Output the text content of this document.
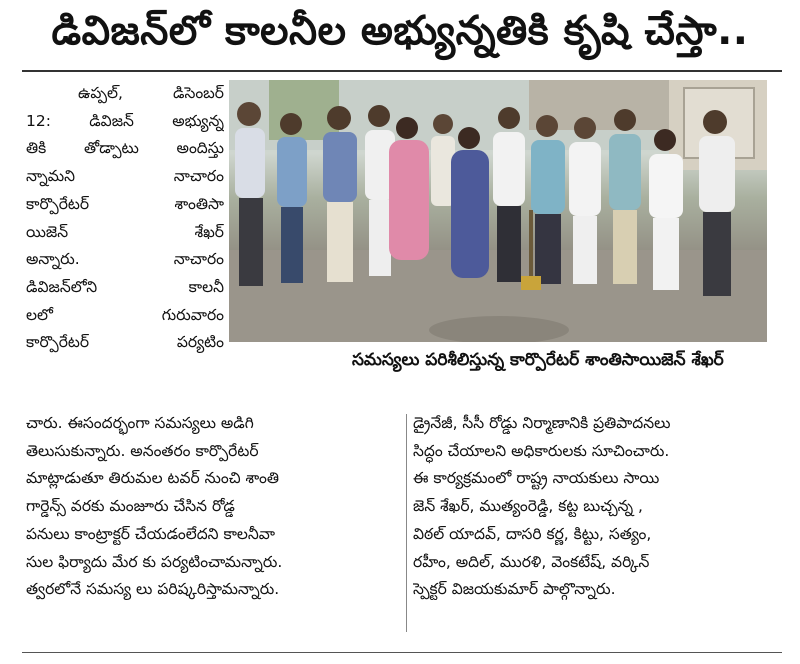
డివిజన్‌లో కాలనీల అభ్యున్నతికి కృషి చేస్తా..
ఉప్పల్, డిసెంబర్
12: డివిజన్ అభ్యున్న
తికి తోడ్పాటు అందిస్తు
న్నామని నాచారం
కార్పొరేటర్ శాంతిసా
యిజెన్ శేఖర్
అన్నారు. నాచారం
డివిజన్‌లోని కాలనీ
లలో గురువారం
కార్పొరేటర్ పర్యటిం
సమస్యలు పరిశీలిస్తున్న కార్పొరేటర్ శాంతిసాయిజెన్ శేఖర్
చారు. ఈసందర్భంగా సమస్యలు అడిగి
తెలుసుకున్నారు. అనంతరం కార్పొరేటర్
మాట్లాడుతూ తిరుమల టవర్ నుంచి శాంతి
గార్డెన్స్ వరకు మంజూరు చేసిన రోడ్డ
పనులు కాంట్రాక్టర్ చేయడంలేదని కాలనీవా
సుల ఫిర్యాదు మేర కు పర్యటించామన్నారు.
త్వరలోనే సమస్య లు పరిష్కరిస్తామన్నారు.
డ్రైనేజీ, సీసీ రోడ్డు నిర్మాణానికి ప్రతిపాదనలు
సిద్ధం చేయాలని అధికారులకు సూచించారు.
ఈ కార్యక్రమంలో రాష్ట్ర నాయకులు సాయి
జెన్ శేఖర్, ముత్యంరెడ్డి, కట్ట బుచ్చన్న ,
విఠల్ యాదవ్, దాసరి కర్ణ, కిట్టు, సత్యం,
రహీం, అదిల్, మురళి, వెంకటేష్, వర్కిన్
స్పెక్టర్ విజయకుమార్ పాల్గొన్నారు.
